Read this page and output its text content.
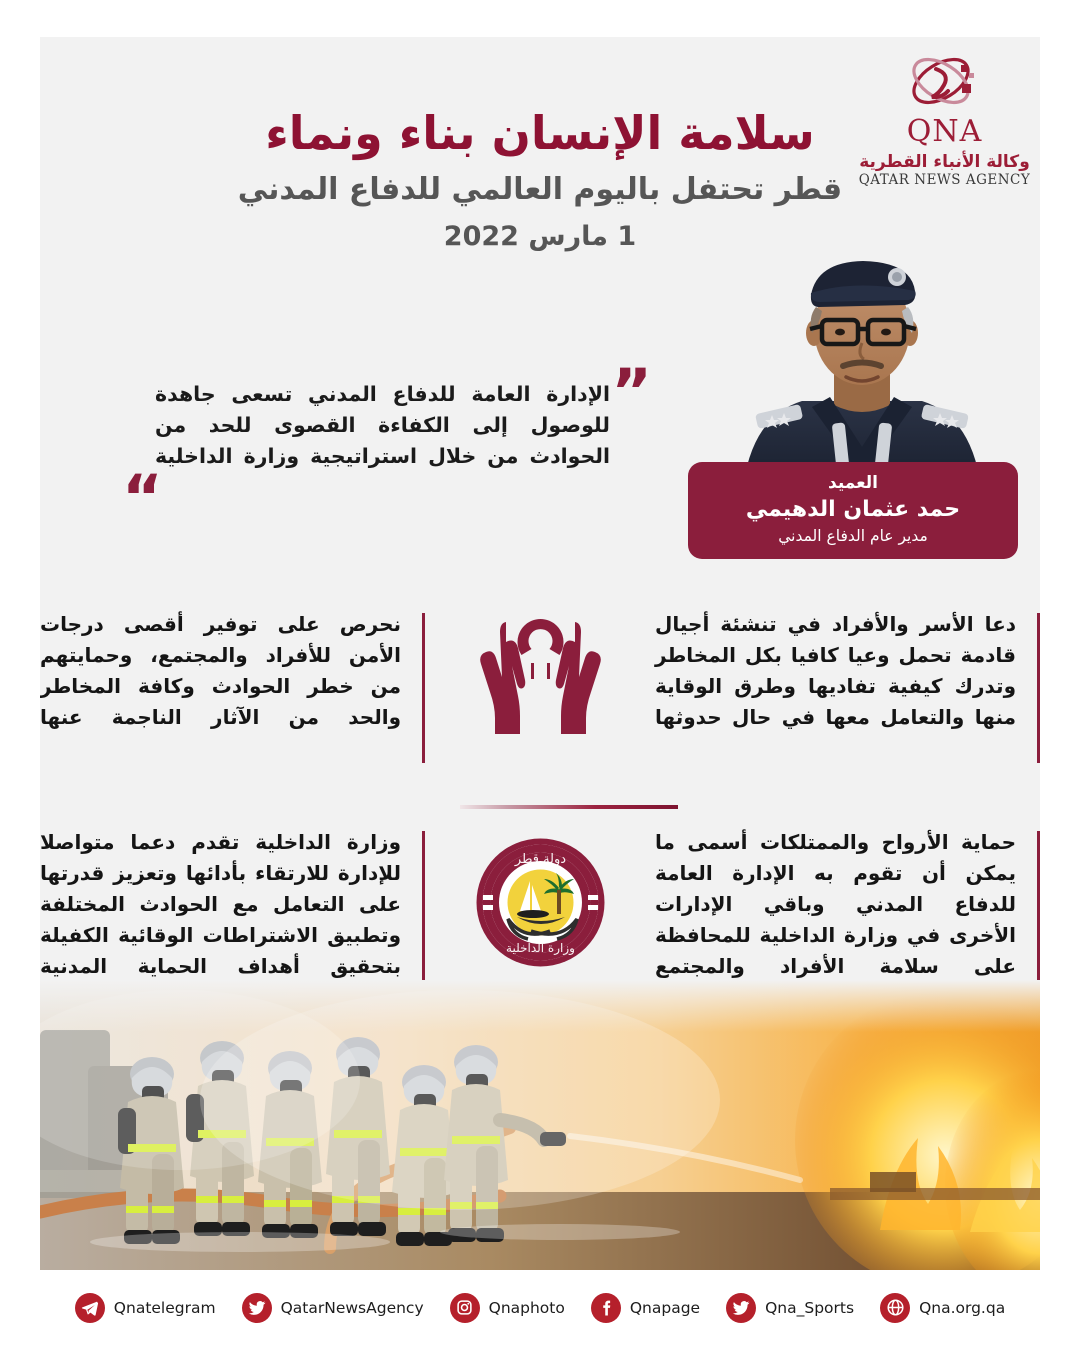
QNA
وكالة الأنباء القطرية
QATAR NEWS AGENCY
سلامة الإنسان بناء ونماء
قطر تحتفل باليوم العالمي للدفاع المدني
1 مارس 2022
العميد
حمد عثمان الدهيمي
مدير عام الدفاع المدني
”

الإدارة العامة للدفاع المدني تسعى جاهدة للوصول إلى الكفاءة القصوى للحد من الحوادث من خلال استراتيجية وزارة الداخلية

“

دعا الأسر والأفراد في تنشئة أجيال قادمة تحمل وعيا كافيا بكل المخاطر وتدرك كيفية تفاديها وطرق الوقاية منها والتعامل معها في حال حدوثها

نحرص على توفير أقصى درجات الأمن للأفراد والمجتمع، وحمايتهم من خطر الحوادث وكافة المخاطر والحد من الآثار الناجمة عنها

حماية الأرواح والممتلكات أسمى ما يمكن أن تقوم به الإدارة العامة للدفاع المدني وباقي الإدارات الأخرى في وزارة الداخلية للمحافظة على سلامة الأفراد والمجتمع

دولة قطر
وزارة الداخلية

وزارة الداخلية تقدم دعما متواصلا للإدارة للارتقاء بأدائها وتعزيز قدرتها على التعامل مع الحوادث المختلفة وتطبيق الاشتراطات الوقائية الكفيلة بتحقيق أهداف الحماية المدنية

Qnatelegram	QatarNewsAgency	Qnaphoto	Qnapage	Qna_Sports	Qna.org.qa
